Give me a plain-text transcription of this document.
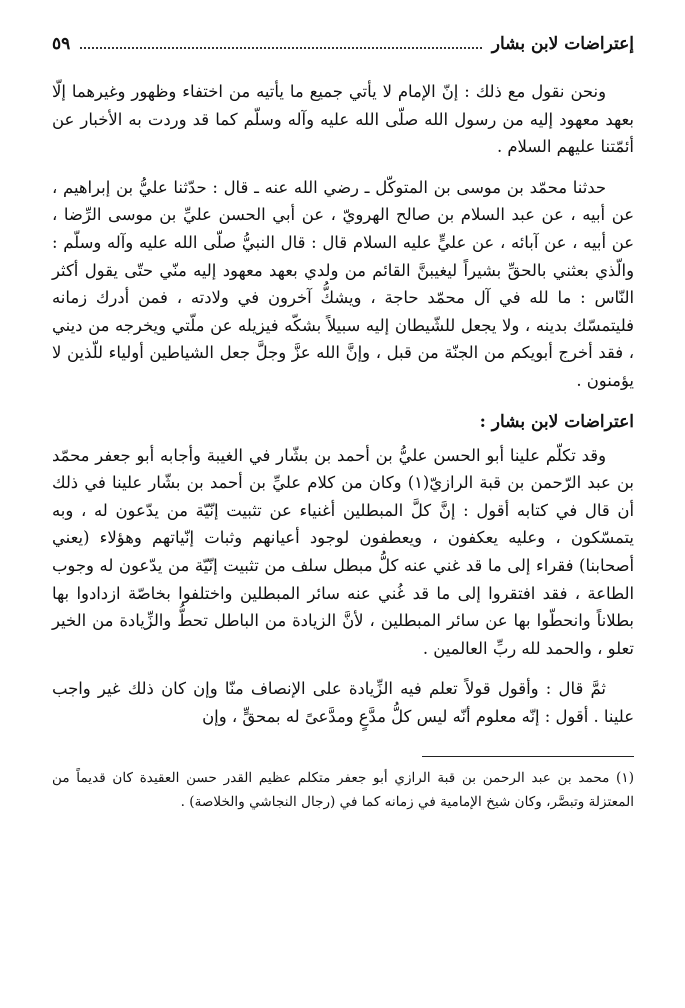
إعتراضات لابن بشار
٥٩

ونحن نقول مع ذلك : إنّ الإمام لا يأتي جميع ما يأتيه من اختفاء وظهور وغيرهما إلّا بعهد معهود إليه من رسول الله صلّى الله عليه وآله وسلّم كما قد وردت به الأخبار عن أئمّتنا عليهم السلام .

حدثنا محمّد بن موسى بن المتوكّل ـ رضي الله عنه ـ قال : حدّثنا عليُّ بن إبراهيم ، عن أبيه ، عن عبد السلام بن صالح الهرويّ ، عن أبي الحسن عليِّ بن موسى الرِّضا ، عن أبيه ، عن آبائه ، عن عليٍّ عليه السلام قال : قال النبيُّ صلّى الله عليه وآله وسلّم : والّذي بعثني بالحقِّ بشيراً ليغيبنَّ القائم من ولدي بعهد معهود إليه منّي حتّى يقول أكثر النّاس : ما لله في آل محمّد حاجة ، ويشكُّ آخرون في ولادته ، فمن أدرك زمانه فليتمسّك بدينه ، ولا يجعل للشّيطان إليه سبيلاً بشكّه فيزيله عن ملّتي ويخرجه من ديني ، فقد أخرج أبويكم من الجنّة من قبل ، وإنَّ الله عزَّ وجلَّ جعل الشياطين أولياء للّذين لا يؤمنون .

اعتراضات لابن بشار :

وقد تكلّم علينا أبو الحسن عليُّ بن أحمد بن بشّار في الغيبة وأجابه أبو جعفر محمّد بن عبد الرّحمن بن قبة الرازيّ(١) وكان من كلام عليِّ بن أحمد بن بشّار علينا في ذلك أن قال في كتابه أقول : إنَّ كلَّ المبطلين أغنياء عن تثبيت إنّيّة من يدّعون له ، وبه يتمسّكون ، وعليه يعكفون ، ويعطفون لوجود أعيانهم وثبات إنّياتهم وهؤلاء (يعني أصحابنا) فقراء إلى ما قد غني عنه كلُّ مبطل سلف من تثبيت إنّيّة من يدّعون له وجوب الطاعة ، فقد افتقروا إلى ما قد غُني عنه سائر المبطلين واختلفوا بخاصّة ازدادوا بها بطلاناً وانحطّوا بها عن سائر المبطلين ، لأنَّ الزيادة من الباطل تحطُّ والزِّيادة من الخير تعلو ، والحمد لله ربِّ العالمين .

ثمَّ قال : وأقول قولاً تعلم فيه الزِّيادة على الإنصاف منّا وإن كان ذلك غير واجب علينا . أقول : إنّه معلوم أنّه ليس كلُّ مدَّعٍ ومدَّعىً له بمحقٍّ ، وإن

(١) محمد بن عبد الرحمن بن قبة الرازي أبو جعفر متكلم عظيم القدر حسن العقيدة كان قديماً من المعتزلة وتبصَّر، وكان شيخ الإمامية في زمانه كما في (رجال النجاشي والخلاصة) .
